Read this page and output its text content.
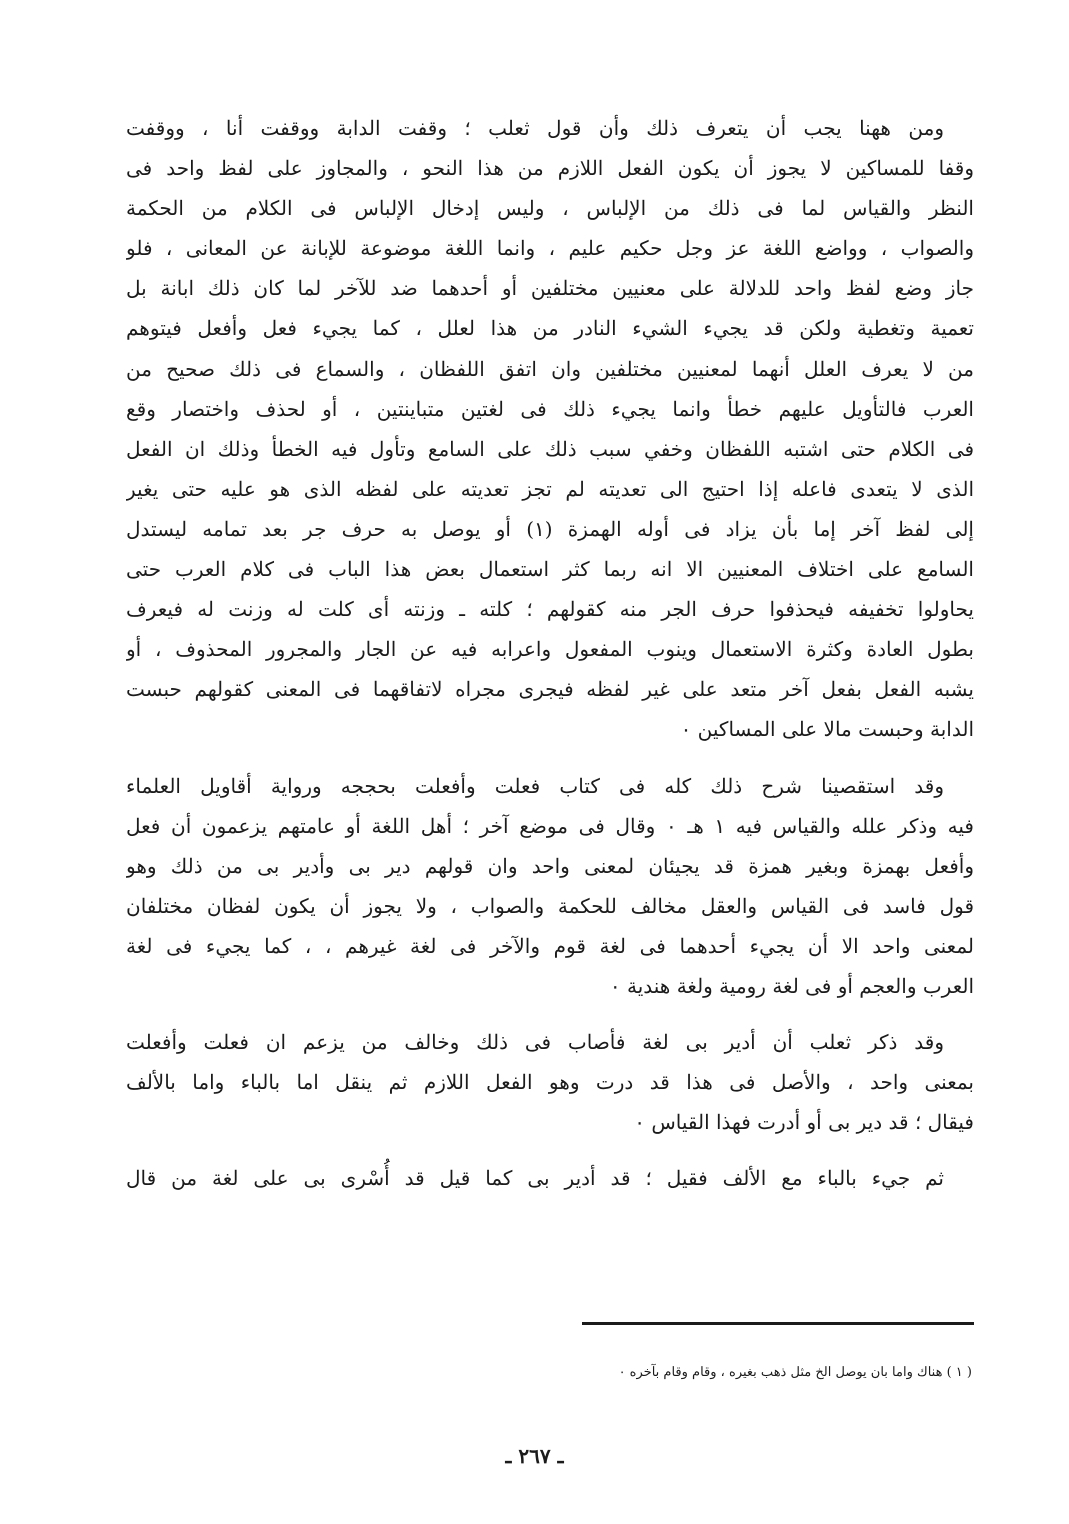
ومن ههنا يجب أن يتعرف ذلك وأن قول ثعلب ؛ وقفت الدابة ووقفت أنا ، ووقفت
وقفا للمساكين لا يجوز أن يكون الفعل اللازم من هذا النحو ، والمجاوز على لفظ واحد فى
النظر والقياس لما فى ذلك من الإلباس ، وليس إدخال الإلباس فى الكلام من الحكمة
والصواب ، وواضع اللغة عز وجل حكيم عليم ، وانما اللغة موضوعة للإبانة عن المعانى ، فلو
جاز وضع لفظ واحد للدلالة على معنيين مختلفين أو أحدهما ضد للآخر لما كان ذلك ابانة بل
تعمية وتغطية ولكن قد يجيء الشيء النادر من هذا لعلل ، كما يجيء فعل وأفعل فيتوهم
من لا يعرف العلل أنهما لمعنيين مختلفين وان اتفق اللفظان ، والسماع فى ذلك صحيح من
العرب فالتأويل عليهم خطأ وانما يجيء ذلك فى لغتين متباينتين ، أو لحذف واختصار وقع
فى الكلام حتى اشتبه اللفظان وخفي سبب ذلك على السامع وتأول فيه الخطأ وذلك ان الفعل
الذى لا يتعدى فاعله إذا احتيج الى تعديته لم تجز تعديته على لفظه الذى هو عليه حتى يغير
إلى لفظ آخر إما بأن يزاد فى أوله الهمزة (١) أو يوصل به حرف جر بعد تمامه ليستدل
السامع على اختلاف المعنيين الا انه ربما كثر استعمال بعض هذا الباب فى كلام العرب حتى
يحاولوا تخفيفه فيحذفوا حرف الجر منه كقولهم ؛ كلته ـ وزنته أى كلت له وزنت له فيعرف
بطول العادة وكثرة الاستعمال وينوب المفعول واعرابه فيه عن الجار والمجرور المحذوف ، أو
يشبه الفعل بفعل آخر متعد على غير لفظه فيجرى مجراه لاتفاقهما فى المعنى كقولهم حبست
الدابة وحبست مالا على المساكين ٠
وقد استقصينا شرح ذلك كله فى كتاب فعلت وأفعلت بحججه ورواية أقاويل العلماء
فيه وذكر علله والقياس فيه ١ هـ ٠ وقال فى موضع آخر ؛ أهل اللغة أو عامتهم يزعمون أن فعل
وأفعل بهمزة وبغير همزة قد يجيئان لمعنى واحد وان قولهم دير بى وأدير بى من ذلك وهو
قول فاسد فى القياس والعقل مخالف للحكمة والصواب ، ولا يجوز أن يكون لفظان مختلفان
لمعنى واحد الا أن يجيء أحدهما فى لغة قوم والآخر فى لغة غيرهم ، ، كما يجيء فى لغة
العرب والعجم أو فى لغة رومية ولغة هندية ٠
وقد ذكر ثعلب أن أدير بى لغة فأصاب فى ذلك وخالف من يزعم ان فعلت وأفعلت
بمعنى واحد ، والأصل فى هذا قد درت وهو الفعل اللازم ثم ينقل اما بالباء واما بالألف
فيقال ؛ قد دير بى أو أدرت فهذا القياس ٠
ثم جيء بالباء مع الألف فقيل ؛ قد أدير بى كما قيل قد أُسْرى بى على لغة من قال
( ١ ) هناك واما بان يوصل الخ مثل ذهب بغيره ، وقام وقام بآخره ٠
ـ ٢٦٧ ـ
